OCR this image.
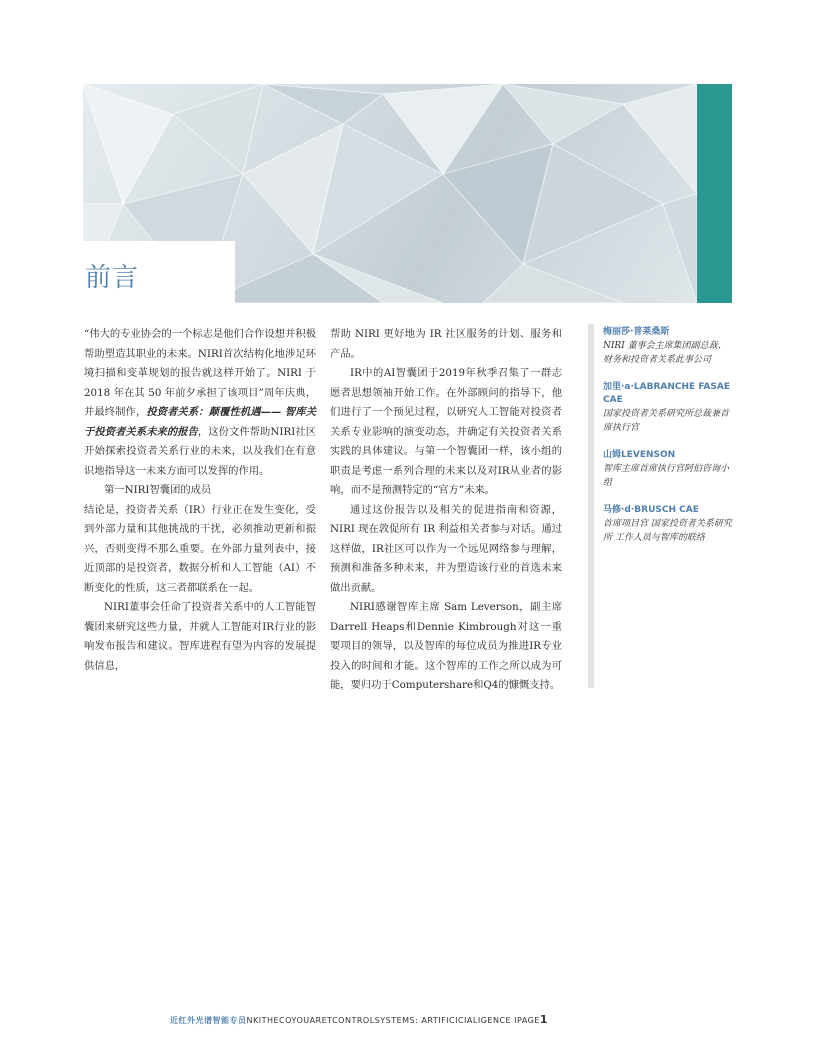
前言

“伟大的专业协会的一个标志是他们合作设想并积极帮助塑造其职业的未来。NIRI首次结构化地涉足环境扫描和变革规划的报告就这样开始了。NIRI 于 2018 年在其 50 年前夕承担了该项目”周年庆典，并最终制作，投资者关系：颠覆性机遇—— 智库关于投资者关系未来的报告，这份文件帮助NIRI社区开始探索投资者关系行业的未来，以及我们在有意识地指导这一未来方面可以发挥的作用。

第一NIRI智囊团的成员

结论是，投资者关系（IR）行业正在发生变化，受到外部力量和其他挑战的干扰，必须推动更新和振兴，否则变得不那么重要。在外部力量列表中，接近顶部的是投资者，数据分析和人工智能（AI）不断变化的性质，这三者都联系在一起。

NIRI董事会任命了投资者关系中的人工智能智囊团来研究这些力量，并就人工智能对IR行业的影响发布报告和建议。智库进程有望为内容的发展提供信息，

帮助 NIRI 更好地为 IR 社区服务的计划、服务和产品。

IR中的AI智囊团于2019年秋季召集了一群志愿者思想领袖开始工作。在外部顾问的指导下，他们进行了一个预见过程，以研究人工智能对投资者关系专业影响的演变动态，并确定有关投资者关系实践的具体建议。与第一个智囊团一样，该小组的职责是考虑一系列合理的未来以及对IR从业者的影响，而不是预测特定的“官方”未来。

通过这份报告以及相关的促进指南和资源，NIRI 现在敦促所有 IR 利益相关者参与对话。通过这样做，IR社区可以作为一个远见网络参与理解，预测和准备多种未来，并为塑造该行业的首选未来做出贡献。

NIRI感谢智库主席 Sam Leverson，副主席Darrell Heaps和Dennie Kimbrough对这一重要项目的领导，以及智库的每位成员为推进IR专业投入的时间和才能。这个智库的工作之所以成为可能，要归功于Computershare和Q4的慷慨支持。

梅丽莎·普莱桑斯
NIRI 董事会主席集团副总裁、财务和投资者关系此事公司
加里·a·LABRANCHE FASAE CAE
国家投资者关系研究所总裁兼首席执行官
山姆LEVENSON
智库主席首席执行官阿伯咨询小组
马修·d·BRUSCH CAE
首席项目官 国家投资者关系研究所 工作人员与智库的联络
近红外光谱智能专员NKITHECOYOUARETCONTROLSYSTEMS: ARTIFICICIALIGENCE IPAGE1
